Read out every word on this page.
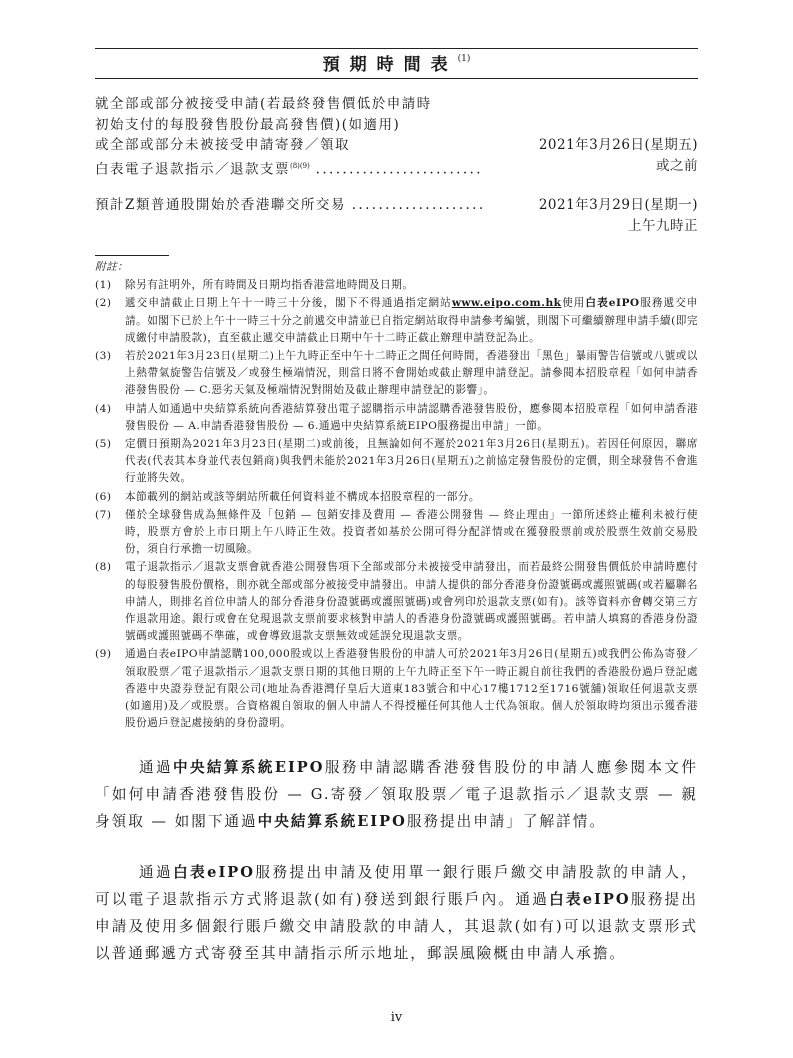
預期時間表$^{(1)}$
就全部或部分被接受申請(若最終發售價低於申請時
初始支付的每股發售股份最高發售價)(如適用)
或全部或部分未被接受申請寄發／領取	2021年3月26日(星期五)
白表電子退款指示／退款支票$^{(8)(9)}$ .........................	或之前
預計Z類普通股開始於香港聯交所交易 ....................	2021年3月29日(星期一)
上午九時正
附註：
(1)	除另有註明外，所有時間及日期均指香港當地時間及日期。
(2)	遞交申請截止日期上午十一時三十分後，閣下不得通過指定網站www.eipo.com.hk使用白表eIPO服務遞交申請。如閣下已於上午十一時三十分之前遞交申請並已自指定網站取得申請參考編號，則閣下可繼續辦理申請手續(即完成繳付申請股款)，直至截止遞交申請截止日期中午十二時正截止辦理申請登記為止。
(3)	若於2021年3月23日(星期二)上午九時正至中午十二時正之間任何時間，香港發出「黑色」暴雨警告信號或八號或以上熱帶氣旋警告信號及／或發生極端情況，則當日將不會開始或截止辦理申請登記。請參閱本招股章程「如何申請香港發售股份 — C.惡劣天氣及極端情況對開始及截止辦理申請登記的影響」。
(4)	申請人如通過中央結算系統向香港結算發出電子認購指示申請認購香港發售股份，應參閱本招股章程「如何申請香港發售股份 — A.申請香港發售股份 — 6.通過中央結算系統EIPO服務提出申請」一節。
(5)	定價日預期為2021年3月23日(星期二)或前後，且無論如何不遲於2021年3月26日(星期五)。若因任何原因，聯席代表(代表其本身並代表包銷商)與我們未能於2021年3月26日(星期五)之前協定發售股份的定價，則全球發售不會進行並將失效。
(6)	本節載列的網站或該等網站所載任何資料並不構成本招股章程的一部分。
(7)	僅於全球發售成為無條件及「包銷 — 包銷安排及費用 — 香港公開發售 — 終止理由」一節所述終止權利未被行使時，股票方會於上市日期上午八時正生效。投資者如基於公開可得分配詳情或在獲發股票前或於股票生效前交易股份，須自行承擔一切風險。
(8)	電子退款指示／退款支票會就香港公開發售項下全部或部分未被接受申請發出，而若最終公開發售價低於申請時應付的每股發售股份價格，則亦就全部或部分被接受申請發出。申請人提供的部分香港身份證號碼或護照號碼(或若屬聯名申請人，則排名首位申請人的部分香港身份證號碼或護照號碼)或會列印於退款支票(如有)。該等資料亦會轉交第三方作退款用途。銀行或會在兌現退款支票前要求核對申請人的香港身份證號碼或護照號碼。若申請人填寫的香港身份證號碼或護照號碼不準確，或會導致退款支票無效或延誤兌現退款支票。
(9)	通過白表eIPO申請認購100,000股或以上香港發售股份的申請人可於2021年3月26日(星期五)或我們公佈為寄發／領取股票／電子退款指示／退款支票日期的其他日期的上午九時正至下午一時正親自前往我們的香港股份過戶登記處香港中央證券登記有限公司(地址為香港灣仔皇后大道東183號合和中心17樓1712至1716號舖)領取任何退款支票(如適用)及／或股票。合資格親自領取的個人申請人不得授權任何其他人士代為領取。個人於領取時均須出示獲香港股份過戶登記處接納的身份證明。
通過中央結算系統EIPO服務申請認購香港發售股份的申請人應參閱本文件「如何申請香港發售股份 — G.寄發／領取股票／電子退款指示／退款支票 — 親身領取 — 如閣下通過中央結算系統EIPO服務提出申請」了解詳情。
通過白表eIPO服務提出申請及使用單一銀行賬戶繳交申請股款的申請人，可以電子退款指示方式將退款(如有)發送到銀行賬戶內。通過白表eIPO服務提出申請及使用多個銀行賬戶繳交申請股款的申請人，其退款(如有)可以退款支票形式以普通郵遞方式寄發至其申請指示所示地址，郵誤風險概由申請人承擔。
iv
